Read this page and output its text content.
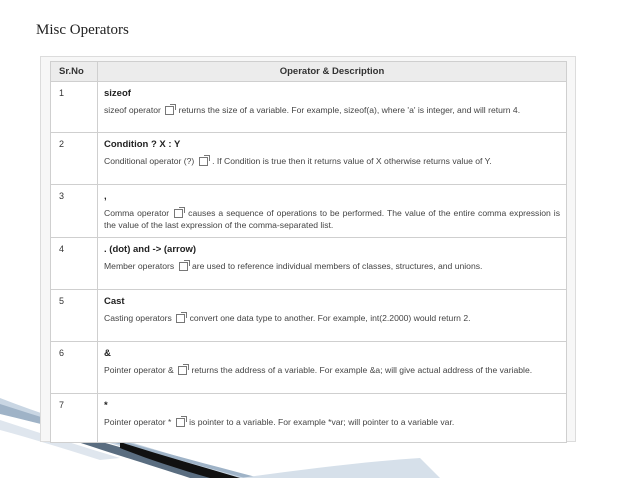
Misc Operators
Sr.No	Operator & Description
1	sizeof
sizeof operator returns the size of a variable. For example, sizeof(a), where 'a' is integer, and will return 4.

2	Condition ? X : Y
Conditional operator (?) . If Condition is true then it returns value of X otherwise returns value of Y.

3	,
Comma operator causes a sequence of operations to be performed. The value of the entire comma expression is the value of the last expression of the comma-separated list.

4	. (dot) and -> (arrow)
Member operators are used to reference individual members of classes, structures, and unions.

5	Cast
Casting operators convert one data type to another. For example, int(2.2000) would return 2.

6	&
Pointer operator & returns the address of a variable. For example &a; will give actual address of the variable.

7	*
Pointer operator * is pointer to a variable. For example *var; will pointer to a variable var.
